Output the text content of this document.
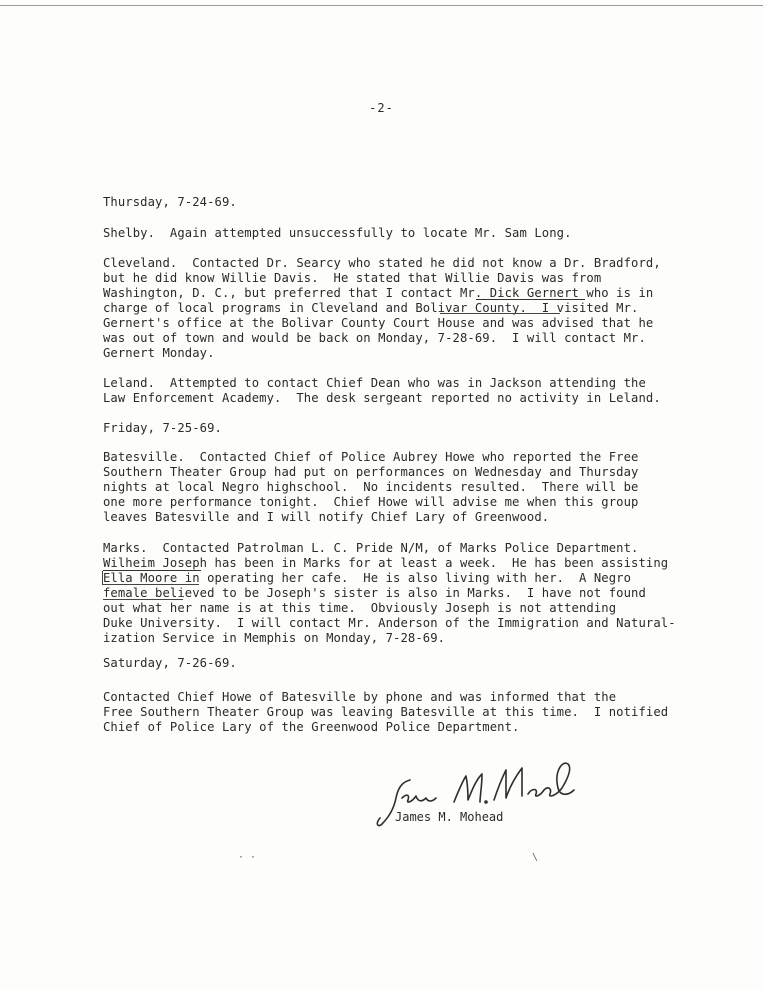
-2-
Thursday, 7-24-69.
Shelby.  Again attempted unsuccessfully to locate Mr. Sam Long.
Cleveland.  Contacted Dr. Searcy who stated he did not know a Dr. Bradford,
but he did know Willie Davis.  He stated that Willie Davis was from
Washington, D. C., but preferred that I contact Mr. Dick Gernert who is in
charge of local programs in Cleveland and Bolivar County.  I visited Mr.
Gernert's office at the Bolivar County Court House and was advised that he
was out of town and would be back on Monday, 7-28-69.  I will contact Mr.
Gernert Monday.
Leland.  Attempted to contact Chief Dean who was in Jackson attending the
Law Enforcement Academy.  The desk sergeant reported no activity in Leland.
Friday, 7-25-69.
Batesville.  Contacted Chief of Police Aubrey Howe who reported the Free
Southern Theater Group had put on performances on Wednesday and Thursday
nights at local Negro highschool.  No incidents resulted.  There will be
one more performance tonight.  Chief Howe will advise me when this group
leaves Batesville and I will notify Chief Lary of Greenwood.
Marks.  Contacted Patrolman L. C. Pride N/M, of Marks Police Department.
Wilheim Joseph has been in Marks for at least a week.  He has been assisting
Ella Moore in operating her cafe.  He is also living with her.  A Negro
female believed to be Joseph's sister is also in Marks.  I have not found
out what her name is at this time.  Obviously Joseph is not attending
Duke University.  I will contact Mr. Anderson of the Immigration and Natural-
ization Service in Memphis on Monday, 7-28-69.
Saturday, 7-26-69.
Contacted Chief Howe of Batesville by phone and was informed that the
Free Southern Theater Group was leaving Batesville at this time.  I notified
Chief of Police Lary of the Greenwood Police Department.
James M. Mohead
· ·	\
